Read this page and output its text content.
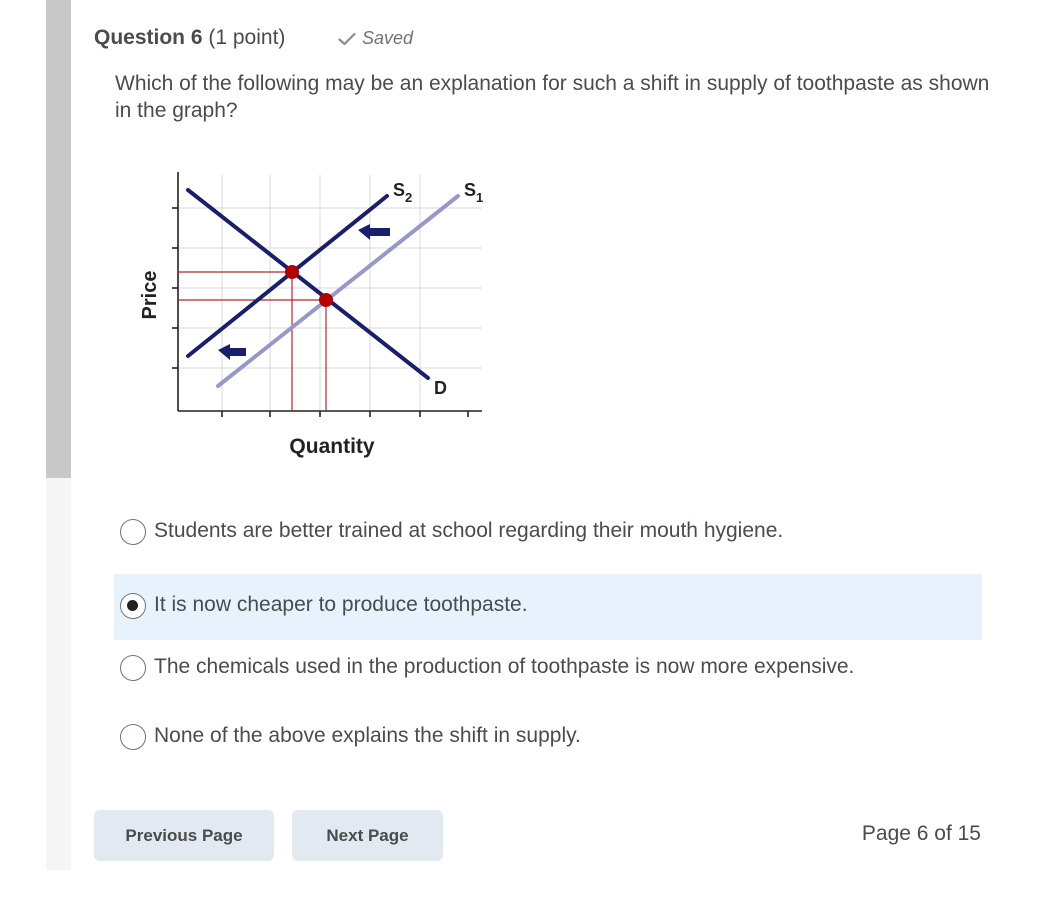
Question 6 (1 point)	Saved
Which of the following may be an explanation for such a shift in supply of toothpaste as shown in the graph?
$S_2$	$S_1$
D
Price
Quantity
Students are better trained at school regarding their mouth hygiene.
It is now cheaper to produce toothpaste.
The chemicals used in the production of toothpaste is now more expensive.
None of the above explains the shift in supply.
Previous Page	Next Page	Page 6 of 15
